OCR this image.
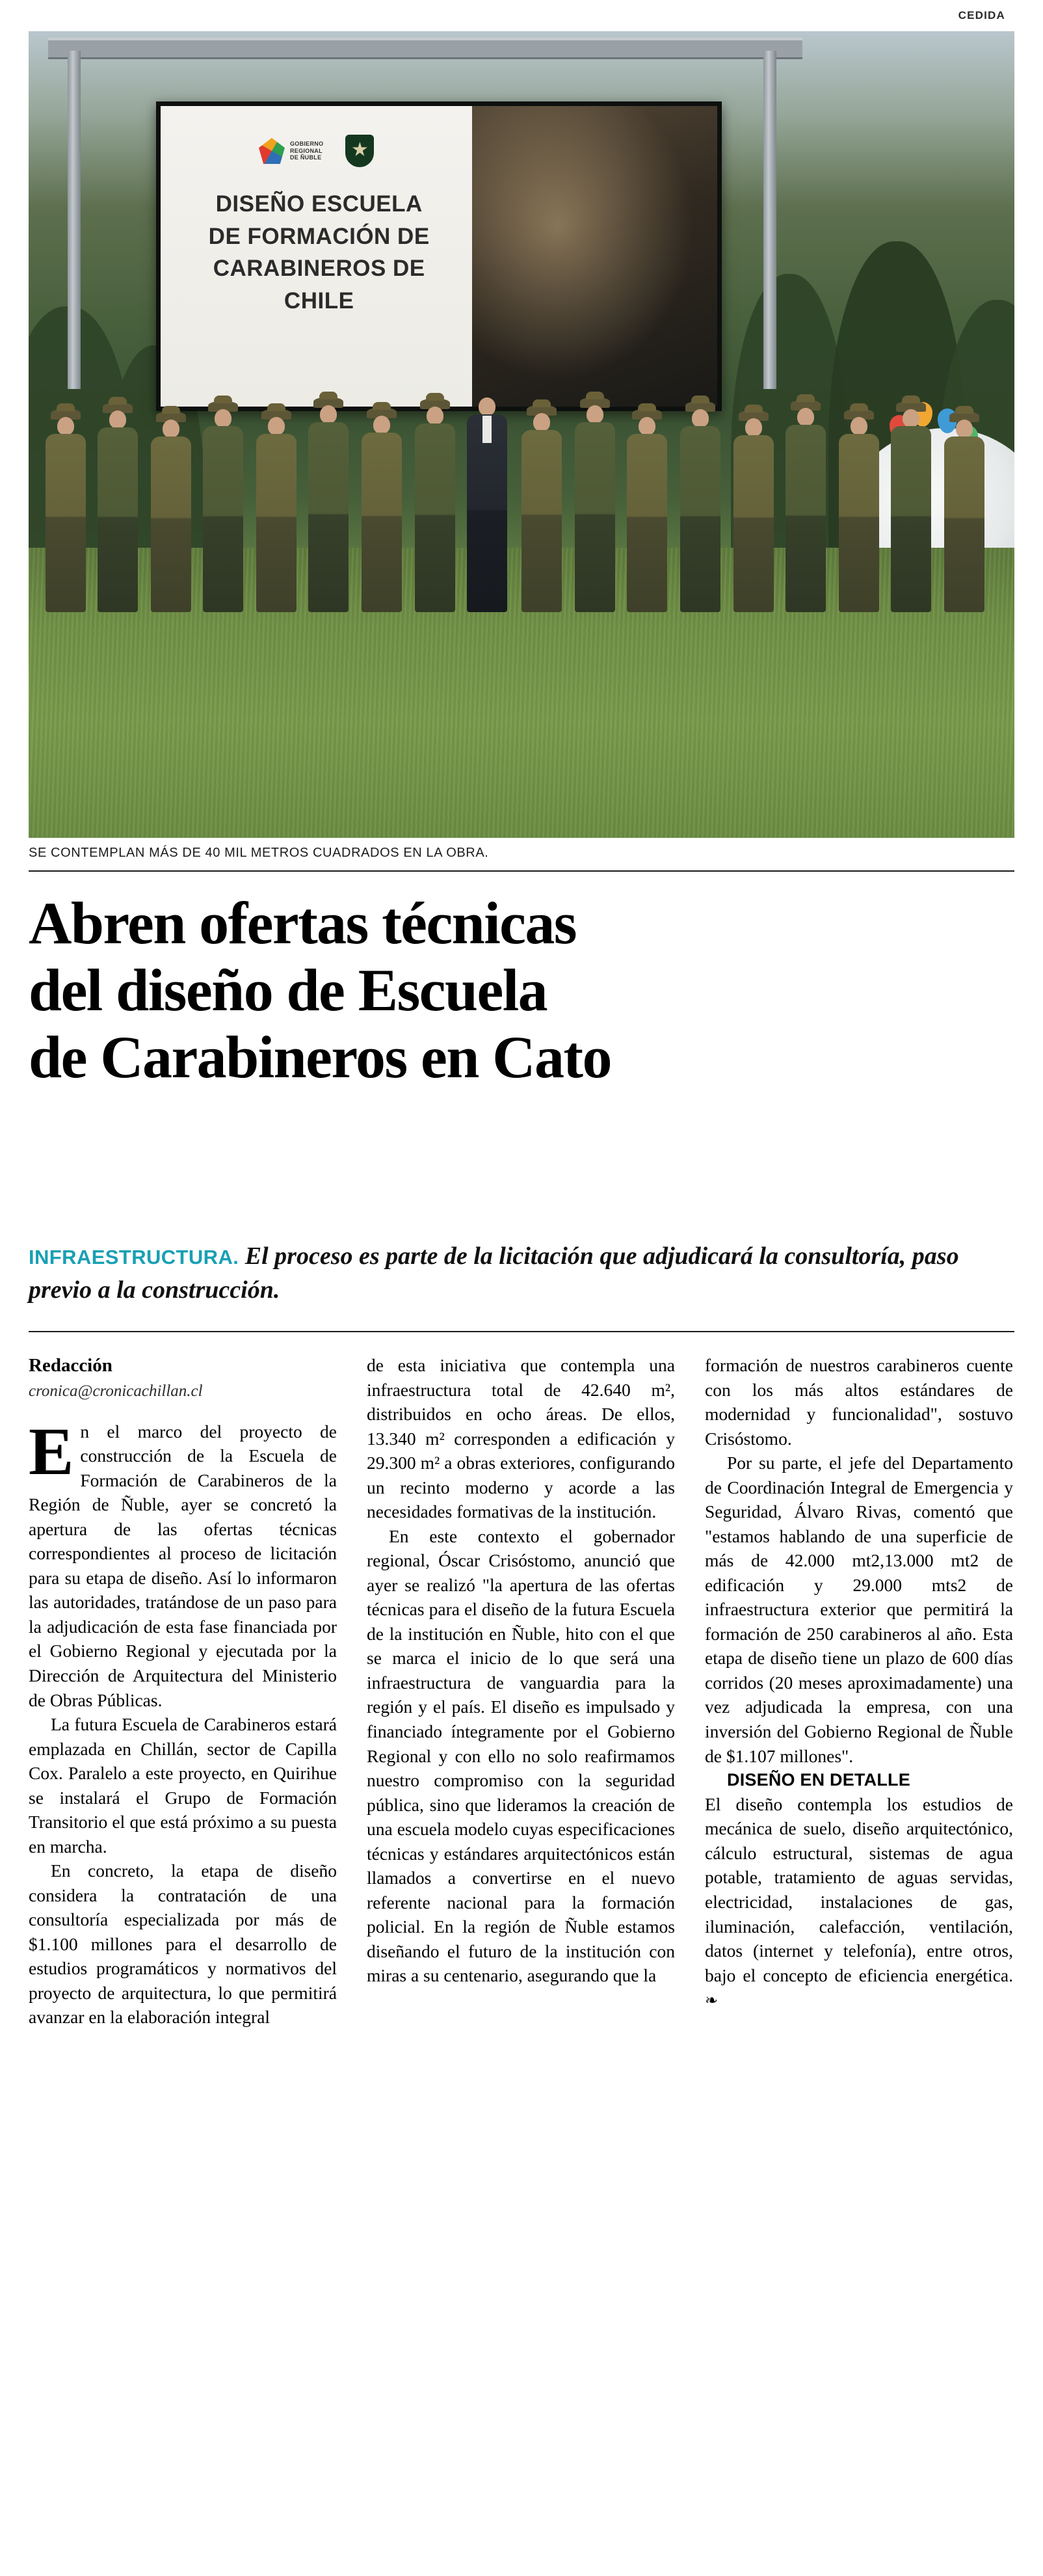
CEDIDA
GOBIERNO
REGIONAL
DE ÑUBLE
DISEÑO ESCUELA
DE FORMACIÓN DE
CARABINEROS DE CHILE
SE CONTEMPLAN MÁS DE 40 MIL METROS CUADRADOS EN LA OBRA.
Abren ofertas técnicas
del diseño de Escuela
de Carabineros en Cato
INFRAESTRUCTURA. El proceso es parte de la licitación que adjudicará la consultoría, paso previo a la construcción.
Redacción
cronica@cronicachillan.cl

En el marco del proyecto de construcción de la Escuela de Formación de Carabineros de la Región de Ñuble, ayer se concretó la apertura de las ofertas técnicas correspondientes al proceso de licitación para su etapa de diseño. Así lo informaron las autoridades, tratándose de un paso para la adjudicación de esta fase financiada por el Gobierno Regional y ejecutada por la Dirección de Arquitectura del Ministerio de Obras Públicas.

La futura Escuela de Carabineros estará emplazada en Chillán, sector de Capilla Cox. Paralelo a este proyecto, en Quirihue se instalará el Grupo de Formación Transitorio el que está próximo a su puesta en marcha.

En concreto, la etapa de diseño considera la contratación de una consultoría especializada por más de $1.100 millones para el desarrollo de estudios programáticos y normativos del proyecto de arquitectura, lo que permitirá avanzar en la elaboración integral

de esta iniciativa que contempla una infraestructura total de 42.640 m², distribuidos en ocho áreas. De ellos, 13.340 m² corresponden a edificación y 29.300 m² a obras exteriores, configurando un recinto moderno y acorde a las necesidades formativas de la institución.

En este contexto el gobernador regional, Óscar Crisóstomo, anunció que ayer se realizó "la apertura de las ofertas técnicas para el diseño de la futura Escuela de la institución en Ñuble, hito con el que se marca el inicio de lo que será una infraestructura de vanguardia para la región y el país. El diseño es impulsado y financiado íntegramente por el Gobierno Regional y con ello no solo reafirmamos nuestro compromiso con la seguridad pública, sino que lideramos la creación de una escuela modelo cuyas especificaciones técnicas y estándares arquitectónicos están llamados a convertirse en el nuevo referente nacional para la formación policial. En la región de Ñuble estamos diseñando el futuro de la institución con miras a su centenario, asegurando que la

formación de nuestros carabineros cuente con los más altos estándares de modernidad y funcionalidad", sostuvo Crisóstomo.

Por su parte, el jefe del Departamento de Coordinación Integral de Emergencia y Seguridad, Álvaro Rivas, comentó que "estamos hablando de una superficie de más de 42.000 mt2,13.000 mt2 de edificación y 29.000 mts2 de infraestructura exterior que permitirá la formación de 250 carabineros al año. Esta etapa de diseño tiene un plazo de 600 días corridos (20 meses aproximadamente) una vez adjudicada la empresa, con una inversión del Gobierno Regional de Ñuble de $1.107 millones".

DISEÑO EN DETALLE

El diseño contempla los estudios de mecánica de suelo, diseño arquitectónico, cálculo estructural, sistemas de agua potable, tratamiento de aguas servidas, electricidad, instalaciones de gas, iluminación, calefacción, ventilación, datos (internet y telefonía), entre otros, bajo el concepto de eficiencia energética. ❧
